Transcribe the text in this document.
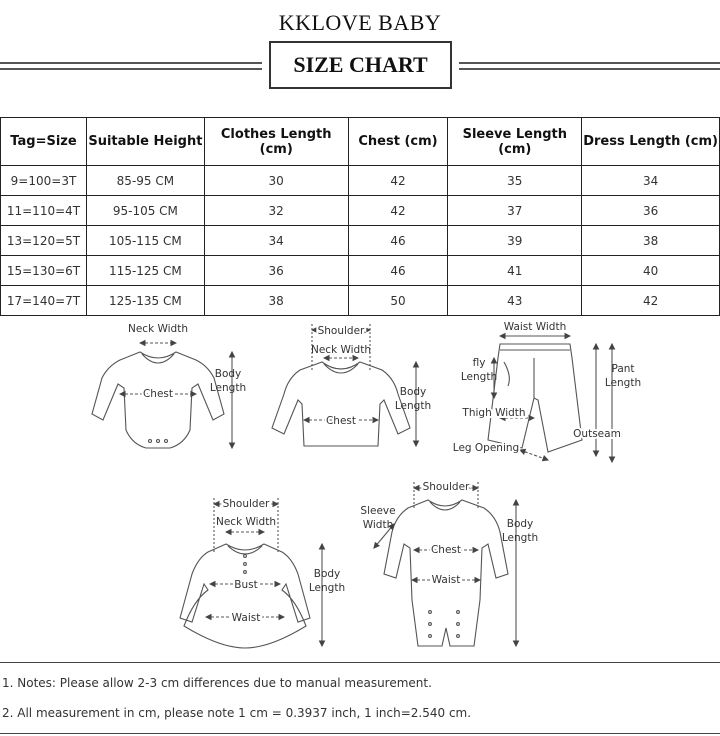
KKLOVE BABY
SIZE CHART
Tag=Size	Suitable Height	Clothes Length (cm)	Chest (cm)	Sleeve Length (cm)	Dress Length (cm)
9=100=3T	85-95 CM	30	42	35	34
11=110=4T	95-105 CM	32	42	37	36
13=120=5T	105-115 CM	34	46	39	38
15=130=6T	115-125 CM	36	46	41	40
17=140=7T	125-135 CM	38	50	43	42
Neck Width
Chest
Body
Length
Shoulder
Neck Width
Chest
Body
Length
Waist Width
fly
Length
Pant
Length
Thigh Width
Outseam
Leg Opening
Shoulder
Neck Width
Bust
Waist
Body
Length
Shoulder
Sleeve
Width
Chest
Waist
Body
Length
1. Notes: Please allow 2-3 cm differences due to manual measurement.
2. All measurement in cm, please note 1 cm = 0.3937 inch, 1 inch=2.540 cm.
